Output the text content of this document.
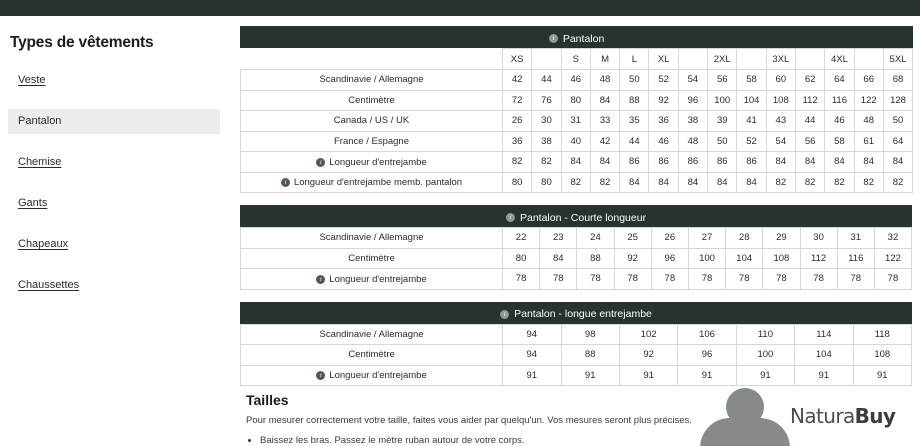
Types de vêtements
Veste
Pantalon
Chemise
Gants
Chapeaux
Chaussettes
i Pantalon
	XS		S	M	L	XL		2XL		3XL		4XL		5XL
Scandinavie / Allemagne	42	44	46	48	50	52	54	56	58	60	62	64	66	68
Centimètre	72	76	80	84	88	92	96	100	104	108	112	116	122	128
Canada / US / UK	26	30	31	33	35	36	38	39	41	43	44	46	48	50
France / Espagne	36	38	40	42	44	46	48	50	52	54	56	58	61	64

i Longueur d'entrejambe	82	82	84	84	86	86	86	86	86	84	84	84	84	84

i Longueur d'entrejambe memb. pantalon	80	80	82	82	84	84	84	84	84	82	82	82	82	82
i Pantalon - Courte longueur
Scandinavie / Allemagne	22	23	24	25	26	27	28	29	30	31	32
Centimètre	80	84	88	92	96	100	104	108	112	116	122

i Longueur d'entrejambe	78	78	78	78	78	78	78	78	78	78	78
i Pantalon - longue entrejambe
Scandinavie / Allemagne	94	98	102	106	110	114	118
Centimètre	94	88	92	96	100	104	108

i Longueur d'entrejambe	91	91	91	91	91	91	91
Tailles

Pour mesurer correctement votre taille, faites vous aider par quelqu'un. Vos mesures seront plus précises.

• Baissez les bras. Passez le mètre ruban autour de votre corps.
NaturaBuy
